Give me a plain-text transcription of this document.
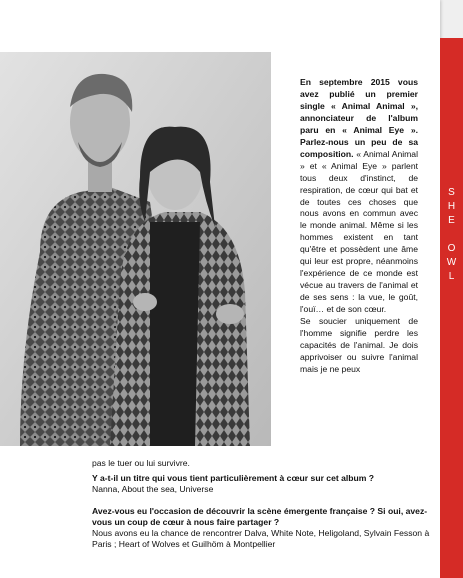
En septembre 2015 vous avez publié un premier single « Animal Animal », annonciateur de l'album paru en « Animal Eye ». Parlez-nous un peu de sa composition. « Animal Animal » et « Animal Eye » parlent tous deux d'instinct, de respiration, de cœur qui bat et de toutes ces choses que nous avons en commun avec le monde animal. Même si les hommes existent en tant qu'être et possèdent une âme qui leur est propre, néanmoins l'expérience de ce monde est vécue au travers de l'animal et de ses sens : la vue, le goût, l'ouï… et de son cœur.

Se soucier uniquement de l'homme signifie perdre les capacités de l'animal. Je dois apprivoiser ou suivre l'animal mais je ne peux

pas le tuer ou lui survivre.
Y a-t-il un titre qui vous tient particulièrement à cœur sur cet album ?
Nanna, About the sea, Universe
Avez-vous eu l'occasion de découvrir la scène émergente française ? Si oui, avez-vous un coup de cœur à nous faire partager ?
Nous avons eu la chance de rencontrer Dalva, White Note, Heligoland, Sylvain Fesson à Paris ; Heart of Wolves et Guilhöm à Montpellier
S
H
E
O
W
L
